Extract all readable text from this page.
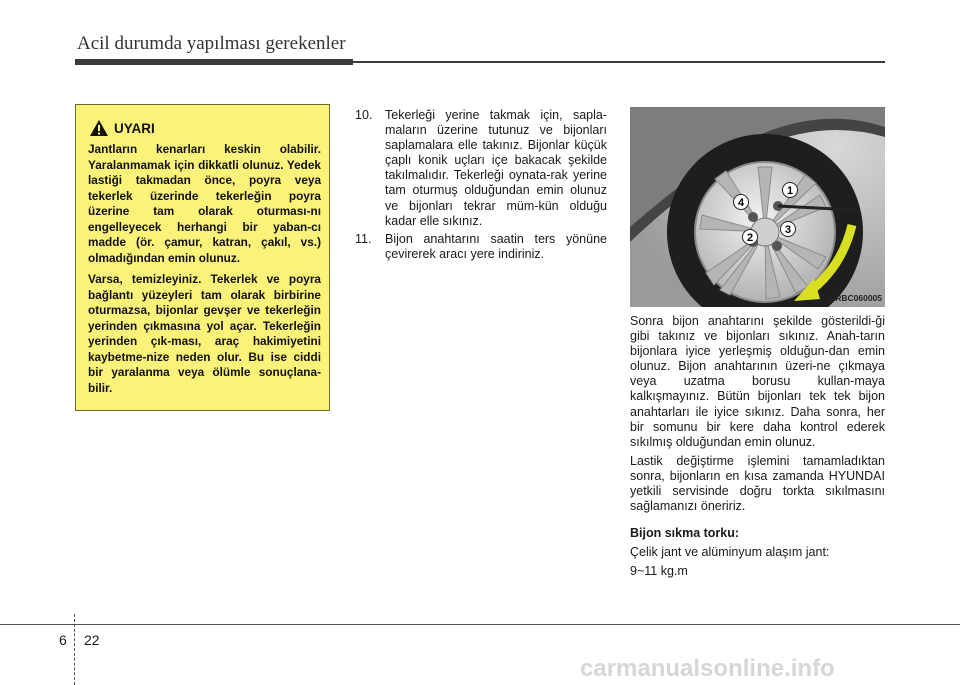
Acil durumda yapılması gerekenler
UYARI

Jantların kenarları keskin olabilir. Yaralanmamak için dikkatli olunuz. Yedek lastiği takmadan önce, poyra veya tekerlek üzerinde tekerleğin poyra üzerine tam olarak oturması-nı engelleyecek herhangi bir yaban-cı madde (ör. çamur, katran, çakıl, vs.) olmadığından emin olunuz.

Varsa, temizleyiniz. Tekerlek ve poyra bağlantı yüzeyleri tam olarak birbirine oturmazsa, bijonlar gevşer ve tekerleğin yerinden çıkmasına yol açar. Tekerleğin yerinden çık-ması, araç hakimiyetini kaybetme-nize neden olur. Bu ise ciddi bir yaralanma veya ölümle sonuçlana-bilir.

10. Tekerleği yerine takmak için, sapla-maların üzerine tutunuz ve bijonları saplamalara elle takınız. Bijonlar küçük çaplı konik uçları içe bakacak şekilde takılmalıdır. Tekerleği oynata-rak yerine tam oturmuş olduğundan emin olunuz ve bijonları tekrar müm-kün olduğu kadar elle sıkınız.
11. Bijon anahtarını saatin ters yönüne çevirerek aracı yere indiriniz.
1
2
3
4
ORBC060005

Sonra bijon anahtarını şekilde gösterildi-ği gibi takınız ve bijonları sıkınız. Anah-tarın bijonlara iyice yerleşmiş olduğun-dan emin olunuz. Bijon anahtarının üzeri-ne çıkmaya veya uzatma borusu kullan-maya kalkışmayınız. Bütün bijonları tek tek bijon anahtarları ile iyice sıkınız. Daha sonra, her bir somunu bir kere daha kontrol ederek sıkılmış olduğundan emin olunuz.

Lastik değiştirme işlemini tamamladıktan sonra, bijonların en kısa zamanda HYUNDAI yetkili servisinde doğru torkta sıkılmasını sağlamanızı öneririz.

Bijon sıkma torku:

Çelik jant ve alüminyum alaşım jant:

9~11 kg.m

6 22
carmanualsonline.info
